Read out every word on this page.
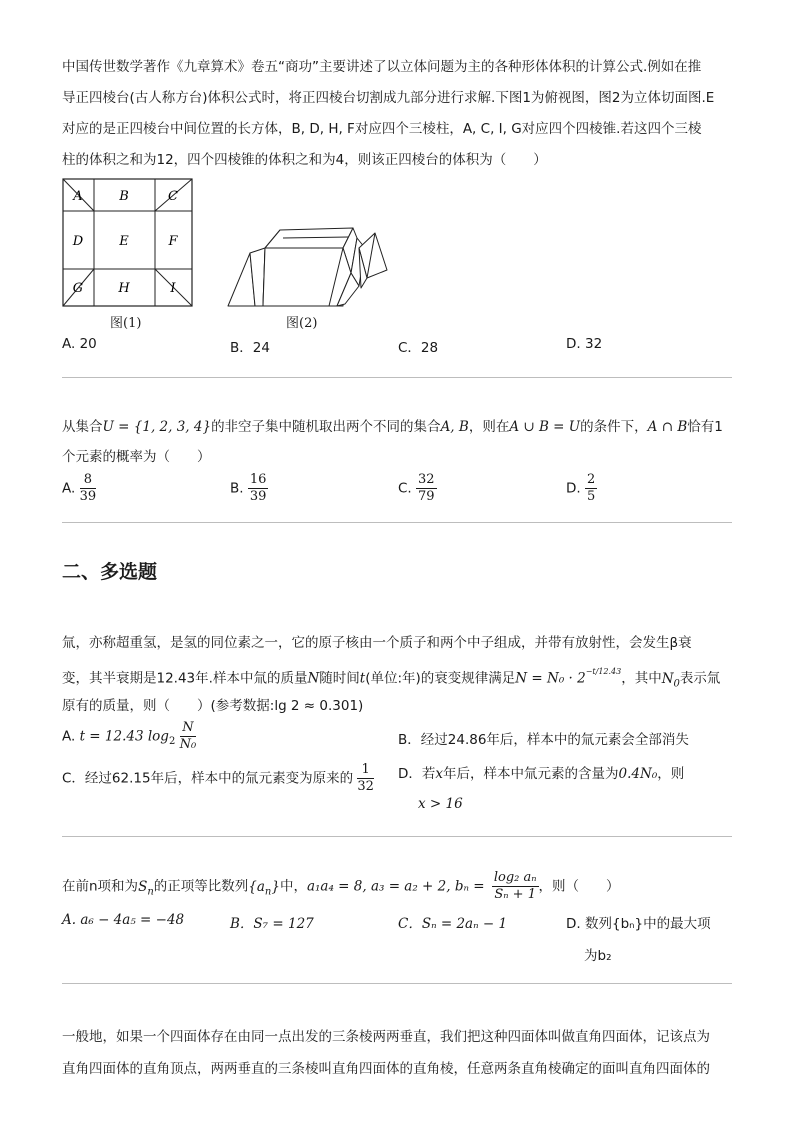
中国传世数学著作《九章算术》卷五“商功”主要讲述了以立体问题为主的各种形体体积的计算公式.例如在推
导正四棱台(古人称方台)体积公式时，将正四棱台切割成九部分进行求解.下图1为俯视图，图2为立体切面图.E
对应的是正四棱台中间位置的长方体，B, D, H, F对应四个三棱柱，A, C, I, G对应四个四棱锥.若这四个三棱
柱的体积之和为12，四个四棱锥的体积之和为4，则该正四棱台的体积为（　　）
A	B	C
D	E	F
G	H	I
图(1)	图(2)
A. 20	B．24	C．28	D. 32
从集合U = {1, 2, 3, 4}的非空子集中随机取出两个不同的集合A, B，则在A ∪ B = U的条件下，A ∩ B恰有1
个元素的概率为（　　）
A. $\frac{8}{39}$	B. $\frac{16}{39}$	C. $\frac{32}{79}$	D. $\frac{2}{5}$
二、多选题
氚，亦称超重氢，是氢的同位素之一，它的原子核由一个质子和两个中子组成，并带有放射性，会发生β衰
变，其半衰期是12.43年.样本中氚的质量N随时间t(单位:年)的衰变规律满足$N = N_0 \cdot 2^{-t/12.43}$，其中$N_0$表示氚
原有的质量，则（　　）(参考数据:lg 2 ≈ 0.301)
A. t = 12.43 $\log_2 \frac{N}{\text{N₀}}$	B．经过24.86年后，样本中的氚元素会全部消失
C．经过62.15年后，样本中的氚元素变为原来的 $\frac{1}{32}$ D．若x年后，样本中氚元素的含量为0.4N₀，则
x > 16
在前n项和为$S_n$的正项等比数列$\{a_n\}$中，a₁a₄ = 8, a₃ = a₂ + 2, $b_n = \frac{\text{log₂ aₙ}}{\text{Sₙ + 1}}$ ，则（　　）
A. a₆ − 4a₅ = −48	B．S₇ = 127	C．Sₙ = 2aₙ − 1	D. 数列{bₙ}中的最大项
为b₂
一般地，如果一个四面体存在由同一点出发的三条棱两两垂直，我们把这种四面体叫做直角四面体，记该点为
直角四面体的直角顶点，两两垂直的三条棱叫直角四面体的直角棱，任意两条直角棱确定的面叫直角四面体的
